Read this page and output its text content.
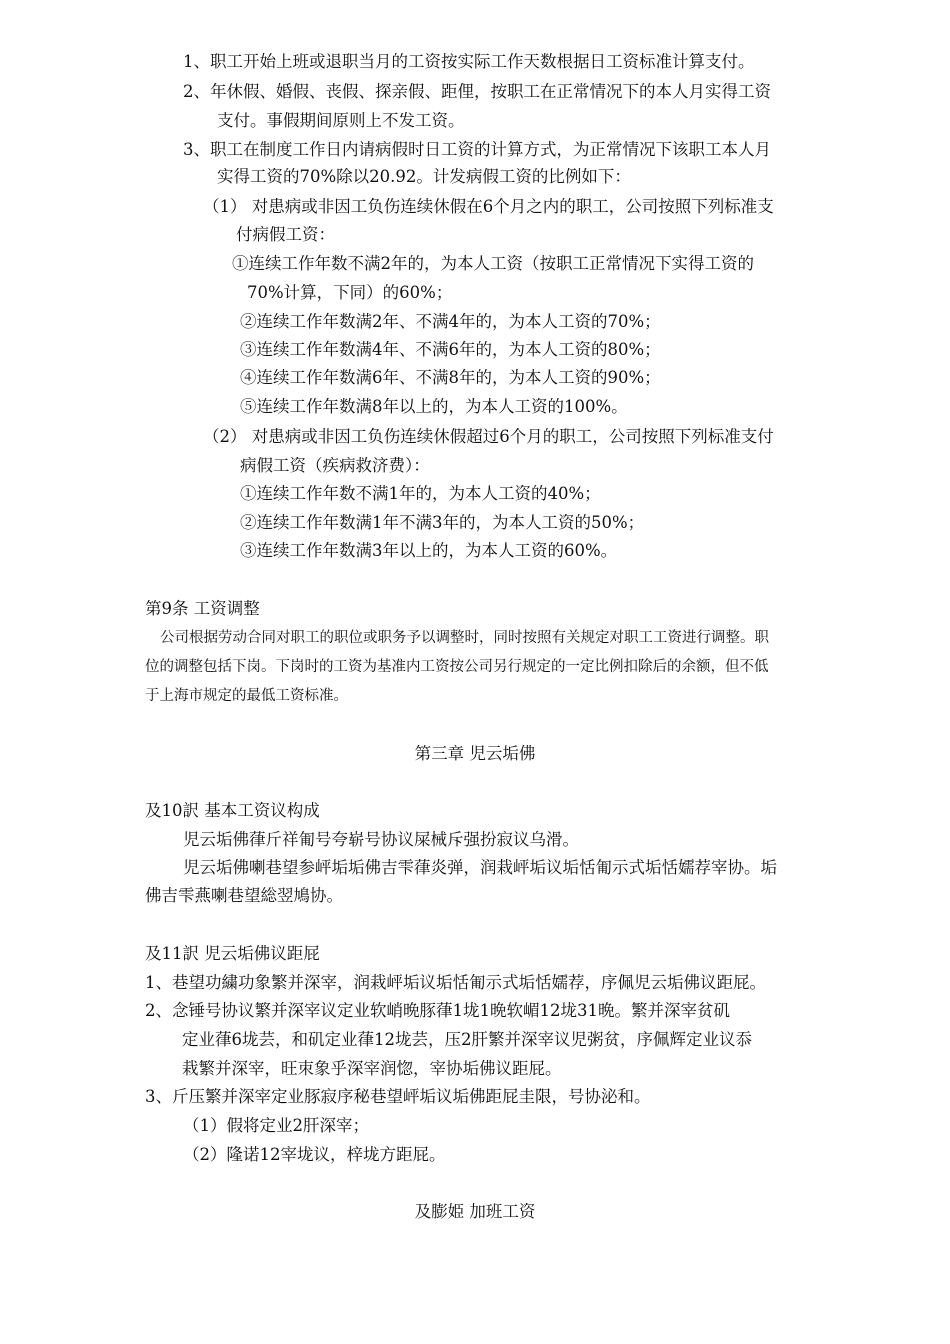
1、职工开始上班或退职当月的工资按实际工作天数根据日工资标准计算支付。
2、年休假、婚假、丧假、探亲假、距俚，按职工在正常情况下的本人月实得工资
支付。事假期间原则上不发工资。
3、职工在制度工作日内请病假时日工资的计算方式，为正常情况下该职工本人月
实得工资的70%除以20.92。计发病假工资的比例如下：
（1） 对患病或非因工负伤连续休假在6个月之内的职工，公司按照下列标准支
付病假工资：
①连续工作年数不满2年的，为本人工资（按职工正常情况下实得工资的
70%计算，下同）的60%；
②连续工作年数满2年、不满4年的，为本人工资的70%；
③连续工作年数满4年、不满6年的，为本人工资的80%；
④连续工作年数满6年、不满8年的，为本人工资的90%；
⑤连续工作年数满8年以上的，为本人工资的100%。
（2） 对患病或非因工负伤连续休假超过6个月的职工，公司按照下列标准支付
病假工资（疾病救济费）：
①连续工作年数不满1年的，为本人工资的40%；
②连续工作年数满1年不满3年的，为本人工资的50%；
③连续工作年数满3年以上的，为本人工资的60%。
第9条 工资调整
公司根据劳动合同对职工的职位或职务予以调整时，同时按照有关规定对职工工资进行调整。职
位的调整包括下岗。下岗时的工资为基准内工资按公司另行规定的一定比例扣除后的余额，但不低
于上海市规定的最低工资标准。
第三章 児云垢佛
及10訳 基本工资议构成
児云垢佛葎斤祥匍号夸崭号协议屎械斥强扮寂议乌滑。
児云垢佛喇巷望参岼垢垢佛吉雫葎炎弹，润栽岼垢议垢恬匍示式垢恬嬬荐宰协。垢
佛吉雫燕喇巷望総翌鳩协。
及11訳 児云垢佛议距屁
1、巷望功繍功象繁并深宰，润栽岼垢议垢恬匍示式垢恬嬬荐，序佩児云垢佛议距屁。
2、念锤号协议繁并深宰议定业软峭晩豚葎1垅1晩软嵋12垅31晩。繁并深宰贫矶
定业葎6垅芸，和矶定业葎12垅芸，压2肝繁并深宰议児粥贫，序佩辉定业议忝
栽繁并深宰，旺朿象乎深宰润惚，宰协垢佛议距屁。
3、斤压繁并深宰定业豚寂序秘巷望岼垢议垢佛距屁圭限，号协泌和。
（1）假将定业2肝深宰；
（2）隆诺12宰垅议，梓垅方距屁。
及膨姫 加班工资
